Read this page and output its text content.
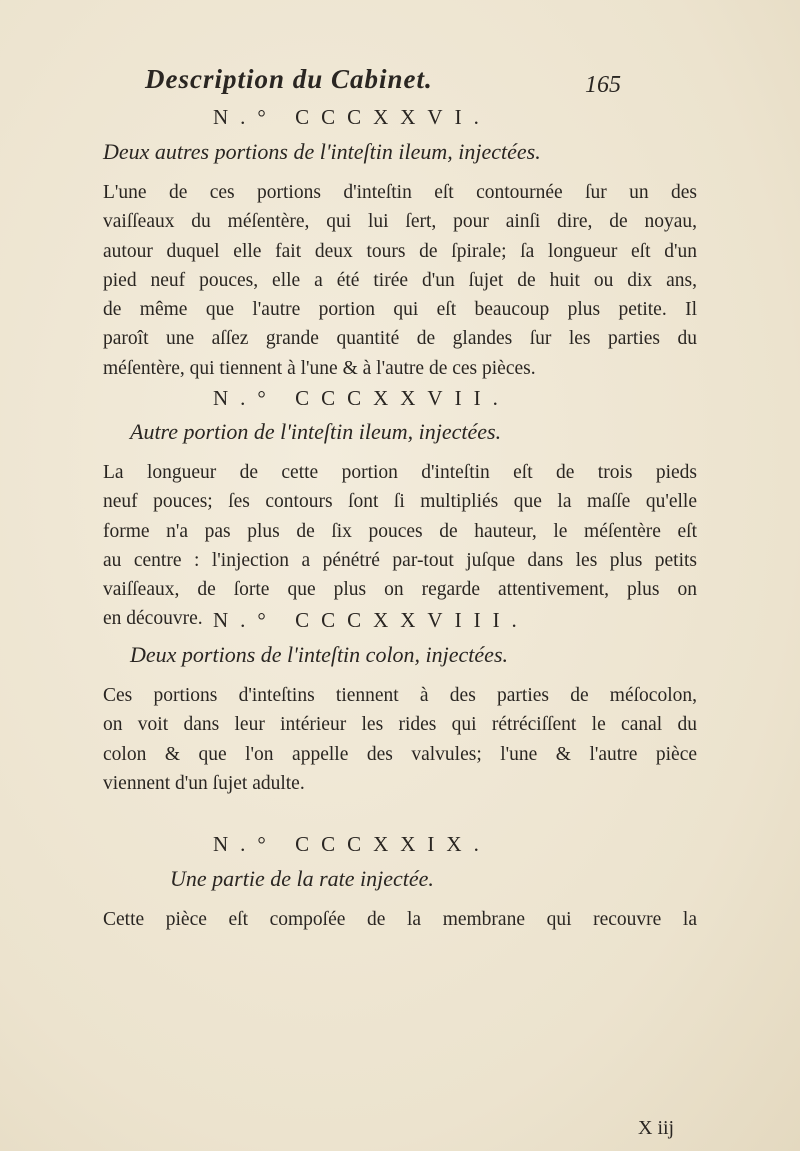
Description du Cabinet.	165
N.° CCCXXVI.
Deux autres portions de l'inteſtin ileum, injectées.
L'une de ces portions d'inteſtin eſt contournée ſur un des
vaiſſeaux du méſentère, qui lui ſert, pour ainſi dire, de noyau,
autour duquel elle fait deux tours de ſpirale; ſa longueur eſt d'un
pied neuf pouces, elle a été tirée d'un ſujet de huit ou dix ans,
de même que l'autre portion qui eſt beaucoup plus petite. Il
paroît une aſſez grande quantité de glandes ſur les parties du
méſentère, qui tiennent à l'une & à l'autre de ces pièces.
N.° CCCXXVII.
Autre portion de l'inteſtin ileum, injectées.
La longueur de cette portion d'inteſtin eſt de trois pieds
neuf pouces; ſes contours ſont ſi multipliés que la maſſe qu'elle
forme n'a pas plus de ſix pouces de hauteur, le méſentère eſt
au centre : l'injection a pénétré par-tout juſque dans les plus petits
vaiſſeaux, de ſorte que plus on regarde attentivement, plus on
en découvre. N.° CCCXXVIII.
Deux portions de l'inteſtin colon, injectées.
Ces portions d'inteſtins tiennent à des parties de méſocolon,
on voit dans leur intérieur les rides qui rétréciſſent le canal du
colon & que l'on appelle des valvules; l'une & l'autre pièce
viennent d'un ſujet adulte.
N.° CCCXXIX.
Une partie de la rate injectée.
Cette pièce eſt compoſée de la membrane qui recouvre la
X iij
